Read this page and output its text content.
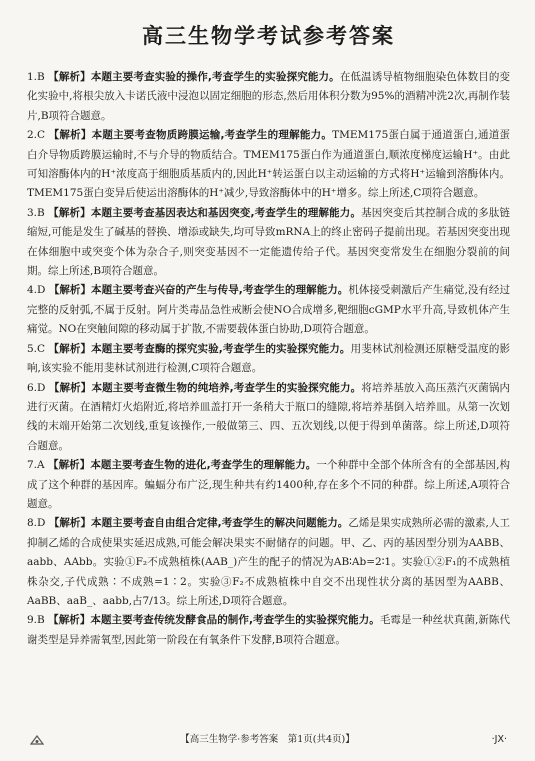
高三生物学考试参考答案

1.B 【解析】本题主要考查实验的操作,考查学生的实验探究能力。在低温诱导植物细胞染色体数目的变化实验中,将根尖放入卡诺氏液中浸泡以固定细胞的形态,然后用体积分数为95%的酒精冲洗2次,再制作装片,B项符合题意。

2.C 【解析】本题主要考查物质跨膜运输,考查学生的理解能力。TMEM175蛋白属于通道蛋白,通道蛋白介导物质跨膜运输时,不与介导的物质结合。TMEM175蛋白作为通道蛋白,顺浓度梯度运输H⁺。由此可知溶酶体内的H⁺浓度高于细胞质基质内的,因此H⁺转运蛋白以主动运输的方式将H⁺运输到溶酶体内。TMEM175蛋白变异后使运出溶酶体的H⁺减少,导致溶酶体中的H⁺增多。综上所述,C项符合题意。

3.B 【解析】本题主要考查基因表达和基因突变,考查学生的理解能力。基因突变后其控制合成的多肽链缩短,可能是发生了碱基的替换、增添或缺失,均可导致mRNA上的终止密码子提前出现。若基因突变出现在体细胞中或突变个体为杂合子,则突变基因不一定能遗传给子代。基因突变常发生在细胞分裂前的间期。综上所述,B项符合题意。

4.D 【解析】本题主要考查兴奋的产生与传导,考查学生的理解能力。机体接受刺激后产生痛觉,没有经过完整的反射弧,不属于反射。阿片类毒品急性戒断会使NO合成增多,靶细胞cGMP水平升高,导致机体产生痛觉。NO在突触间隙的移动属于扩散,不需要载体蛋白协助,D项符合题意。

5.C 【解析】本题主要考查酶的探究实验,考查学生的实验探究能力。用斐林试剂检测还原糖受温度的影响,该实验不能用斐林试剂进行检测,C项符合题意。

6.D 【解析】本题主要考查微生物的纯培养,考查学生的实验探究能力。将培养基放入高压蒸汽灭菌锅内进行灭菌。在酒精灯火焰附近,将培养皿盖打开一条稍大于瓶口的缝隙,将培养基倒入培养皿。从第一次划线的末端开始第二次划线,重复该操作,一般做第三、四、五次划线,以便于得到单菌落。综上所述,D项符合题意。

7.A 【解析】本题主要考查生物的进化,考查学生的理解能力。一个种群中全部个体所含有的全部基因,构成了这个种群的基因库。蝙蝠分布广泛,现生种共有约1400种,存在多个不同的种群。综上所述,A项符合题意。

8.D 【解析】本题主要考查自由组合定律,考查学生的解决问题能力。乙烯是果实成熟所必需的激素,人工抑制乙烯的合成使果实延迟成熟,可能会解决果实不耐储存的问题。甲、乙、丙的基因型分别为AABB、aabb、AAbb。实验①F₂不成熟植株(AAB_)产生的配子的情况为AB∶Ab=2∶1。实验①②F₁的不成熟植株杂交,子代成熟∶不成熟=1∶2。实验③F₂不成熟植株中自交不出现性状分离的基因型为AABB、AaBB、aaB_、aabb,占7/13。综上所述,D项符合题意。

9.B 【解析】本题主要考查传统发酵食品的制作,考查学生的实验探究能力。毛霉是一种丝状真菌,新陈代谢类型是异养需氧型,因此第一阶段在有氧条件下发酵,B项符合题意。

【高三生物学·参考答案　第1页(共4页)】	·JX·
